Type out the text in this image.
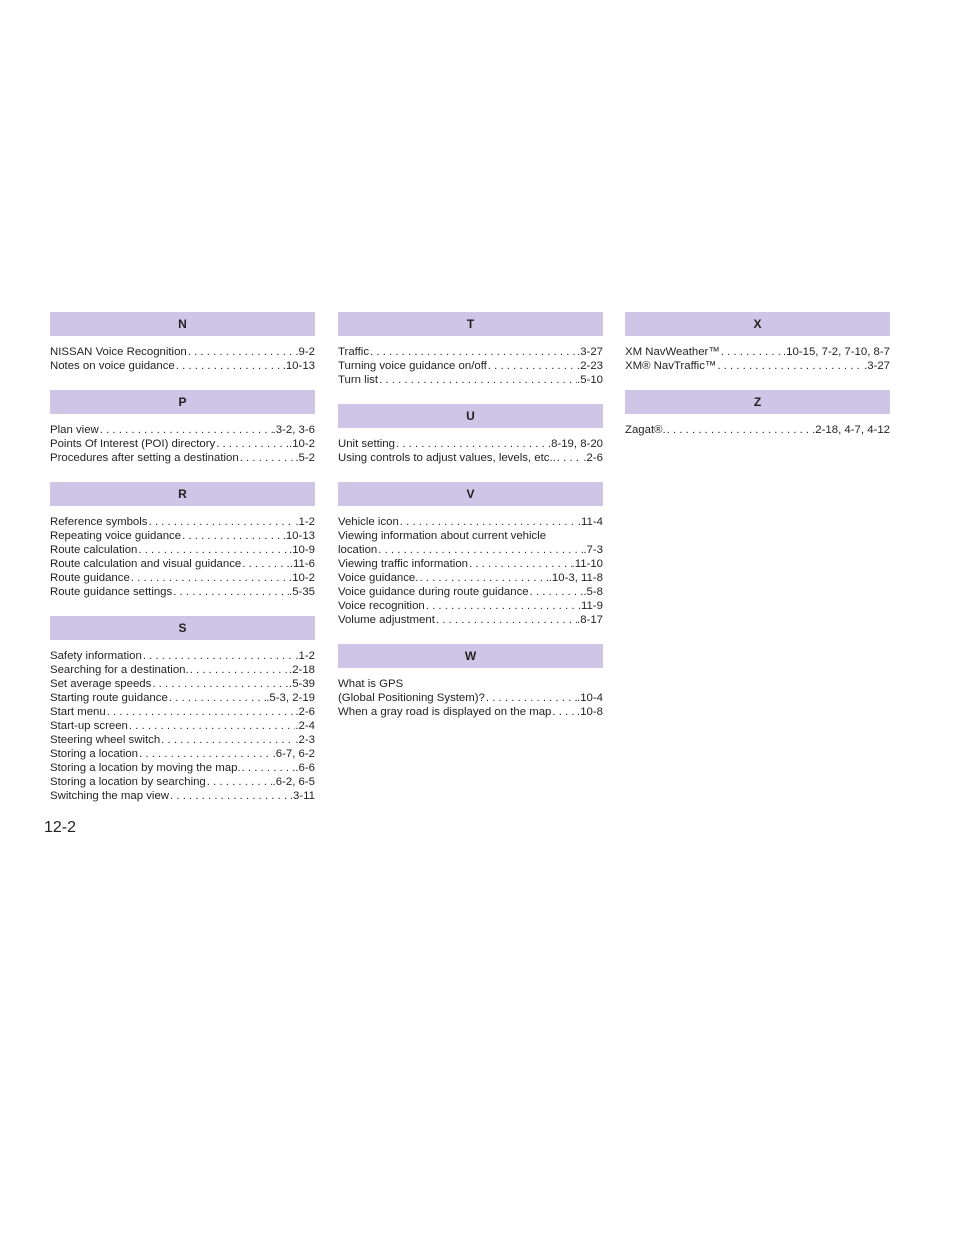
N
NISSAN Voice Recognition . . .	.9-2
Notes on voice guidance . . .	.10-13
P
Plan view . . .	.3-2, 3-6
Points Of Interest (POI) directory . . .	.10-2
Procedures after setting a destination . . .	.5-2
R
Reference symbols . . .	.1-2
Repeating voice guidance . . .	.10-13
Route calculation . . .	.10-9
Route calculation and visual guidance . . .	.11-6
Route guidance . . .	.10-2
Route guidance settings . . .	.5-35
S
Safety information . . .	.1-2
Searching for a destination. . . .	.2-18
Set average speeds . . .	.5-39
Starting route guidance . . .	.5-3, 2-19
Start menu . . .	.2-6
Start-up screen . . .	.2-4
Steering wheel switch . . .	.2-3
Storing a location . . .	.6-7, 6-2
Storing a location by moving the map. . . .	.6-6
Storing a location by searching . . .	.6-2, 6-5
Switching the map view . . .	.3-11
T
Traffic . . .	.3-27
Turning voice guidance on/off . . .	.2-23
Turn list . . .	.5-10
U
Unit setting . . .	.8-19, 8-20
Using controls to adjust values, levels, etc.. . . . .2-6
V
Vehicle icon . . .	.11-4
Viewing information about current vehicle
location . . .	.7-3
Viewing traffic information . . .	.11-10
Voice guidance. . . .	.10-3, 11-8
Voice guidance during route guidance . . .	.5-8
Voice recognition . . .	.11-9
Volume adjustment . . .	.8-17
W
What is GPS
(Global Positioning System)? . . .	.10-4
When a gray road is displayed on the map . . . .10-8
X
XM NavWeather™ . . .	.10-15, 7-2, 7-10, 8-7
XM® NavTraffic™ . . .	.3-27
Z
Zagat®. . . .	.2-18, 4-7, 4-12
12-2
